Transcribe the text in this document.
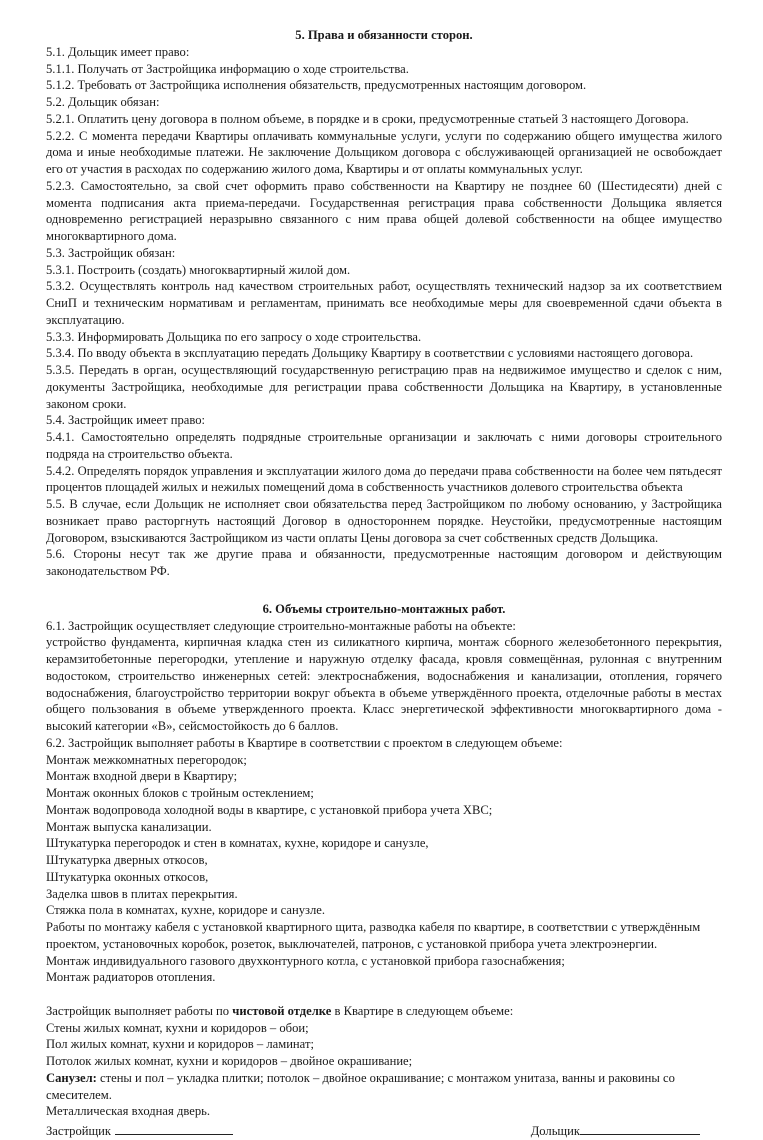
5. Права и обязанности сторон.

5.1. Дольщик имеет право:

5.1.1. Получать от Застройщика информацию о ходе строительства.

5.1.2. Требовать от Застройщика исполнения обязательств, предусмотренных настоящим договором.

5.2. Дольщик обязан:

5.2.1. Оплатить цену договора в полном объеме, в порядке и в сроки, предусмотренные статьей 3 настоящего Договора.

5.2.2. С момента передачи Квартиры оплачивать коммунальные услуги, услуги по содержанию общего имущества жилого дома и иные необходимые платежи. Не заключение Дольщиком договора с обслуживающей организацией не освобождает его от участия в расходах по содержанию жилого дома, Квартиры и от оплаты коммунальных услуг.

5.2.3. Самостоятельно, за свой счет оформить право собственности на Квартиру не позднее 60 (Шестидесяти) дней с момента подписания акта приема-передачи. Государственная регистрация права собственности Дольщика является одновременно регистрацией неразрывно связанного с ним права общей долевой собственности на общее имущество многоквартирного дома.

5.3. Застройщик обязан:

5.3.1. Построить (создать) многоквартирный жилой дом.

5.3.2. Осуществлять контроль над качеством строительных работ, осуществлять технический надзор за их соответствием СниП и техническим нормативам и регламентам, принимать все необходимые меры для своевременной сдачи объекта в эксплуатацию.

5.3.3. Информировать Дольщика по его запросу о ходе строительства.

5.3.4. По вводу объекта в эксплуатацию передать Дольщику Квартиру в соответствии с условиями настоящего договора.

5.3.5. Передать в орган, осуществляющий государственную регистрацию прав на недвижимое имущество и сделок с ним, документы Застройщика, необходимые для регистрации права собственности Дольщика на Квартиру, в установленные законом сроки.

5.4. Застройщик имеет право:

5.4.1. Самостоятельно определять подрядные строительные организации и заключать с ними договоры строительного подряда на строительство объекта.

5.4.2. Определять порядок управления и эксплуатации жилого дома до передачи права собственности на более чем пятьдесят процентов площадей жилых и нежилых помещений дома в собственность участников долевого строительства объекта

5.5. В случае, если Дольщик не исполняет свои обязательства перед Застройщиком по любому основанию, у Застройщика возникает право расторгнуть настоящий Договор в одностороннем порядке. Неустойки, предусмотренные настоящим Договором, взыскиваются Застройщиком из части оплаты Цены договора за счет собственных средств Дольщика.

5.6. Стороны несут так же другие права и обязанности, предусмотренные настоящим договором и действующим законодательством РФ.

6. Объемы строительно-монтажных работ.

6.1. Застройщик осуществляет следующие строительно-монтажные работы на объекте:

устройство фундамента, кирпичная кладка стен из силикатного кирпича, монтаж сборного железобетонного перекрытия, керамзитобетонные перегородки, утепление и наружную отделку фасада, кровля совмещённая, рулонная с внутренним водостоком, строительство инженерных сетей: электроснабжения, водоснабжения и канализации, отопления, горячего водоснабжения, благоустройство территории вокруг объекта в объеме утверждённого проекта, отделочные работы в местах общего пользования в объеме утвержденного проекта. Класс энергетической эффективности многоквартирного дома - высокий категории «В», сейсмостойкость до 6 баллов.

6.2. Застройщик выполняет работы в Квартире в соответствии с проектом в следующем объеме:

Монтаж межкомнатных перегородок;

Монтаж входной двери в Квартиру;

Монтаж оконных блоков с тройным остеклением;

Монтаж водопровода холодной воды в квартире, с установкой прибора учета ХВС;

Монтаж выпуска канализации.

Штукатурка перегородок и стен в комнатах, кухне, коридоре и санузле,

Штукатурка дверных откосов,

Штукатурка оконных откосов,

Заделка швов в плитах перекрытия.

Стяжка пола в комнатах, кухне, коридоре и санузле.

Работы по монтажу кабеля с установкой квартирного щита, разводка кабеля по квартире, в соответствии с утверждённым проектом, установочных коробок, розеток, выключателей, патронов, с установкой прибора учета электроэнергии.

Монтаж индивидуального газового двухконтурного котла, с установкой прибора газоснабжения;

Монтаж радиаторов отопления.

Застройщик выполняет работы по чистовой отделке в Квартире в следующем объеме:

Стены жилых комнат, кухни и коридоров – обои;

Пол жилых комнат, кухни и коридоров – ламинат;

Потолок жилых комнат, кухни и коридоров – двойное окрашивание;

Санузел: стены и пол – укладка плитки; потолок – двойное окрашивание; с монтажом унитаза, ванны и раковины со смесителем.

Металлическая входная дверь.

Застройщик	Дольщик
